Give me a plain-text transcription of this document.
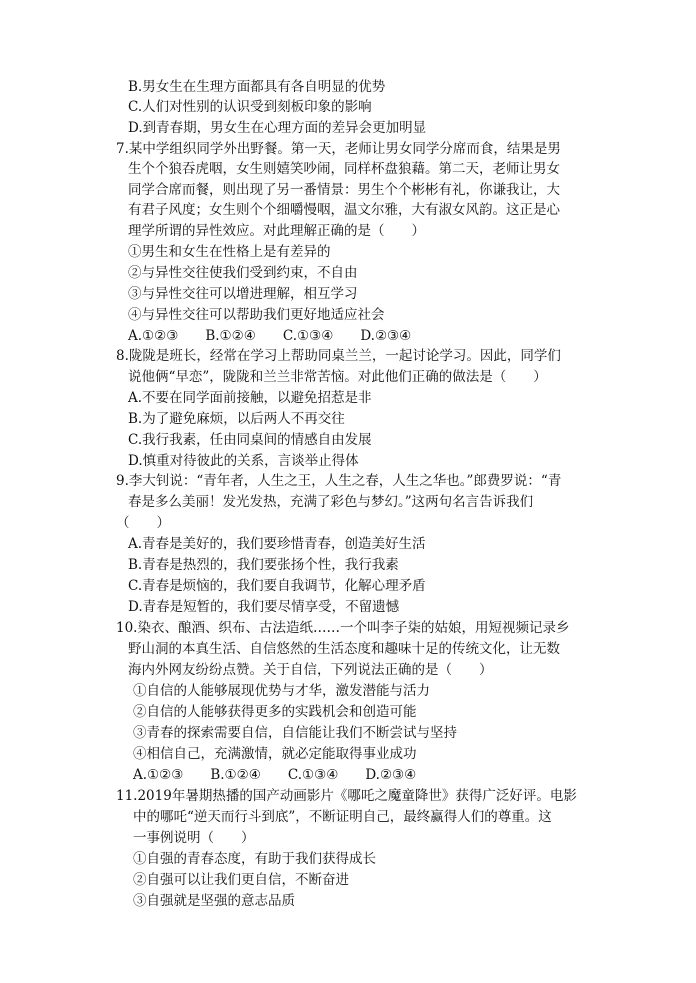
B.男女生在生理方面都具有各自明显的优势
C.人们对性别的认识受到刻板印象的影响
D.到青春期，男女生在心理方面的差异会更加明显
7.某中学组织同学外出野餐。第一天，老师让男女同学分席而食，结果是男
生个个狼吞虎咽，女生则嬉笑吵闹，同样杯盘狼藉。第二天，老师让男女
同学合席而餐，则出现了另一番情景：男生个个彬彬有礼，你谦我让，大
有君子风度；女生则个个细嚼慢咽，温文尔雅，大有淑女风韵。这正是心
理学所谓的异性效应。对此理解正确的是（　　）
①男生和女生在性格上是有差异的
②与异性交往使我们受到约束，不自由
③与异性交往可以增进理解，相互学习
④与异性交往可以帮助我们更好地适应社会
A.①②③　　B.①②④　　C.①③④　　D.②③④
8.陇陇是班长，经常在学习上帮助同桌兰兰，一起讨论学习。因此，同学们
说他俩“早恋”，陇陇和兰兰非常苦恼。对此他们正确的做法是（　　）
A.不要在同学面前接触，以避免招惹是非
B.为了避免麻烦，以后两人不再交往
C.我行我素，任由同桌间的情感自由发展
D.慎重对待彼此的关系，言谈举止得体
9.李大钊说：“青年者，人生之王，人生之春，人生之华也。”郎费罗说：“青
春是多么美丽！发光发热，充满了彩色与梦幻。”这两句名言告诉我们
（　　）
A.青春是美好的，我们要珍惜青春，创造美好生活
B.青春是热烈的，我们要张扬个性，我行我素
C.青春是烦恼的，我们要自我调节，化解心理矛盾
D.青春是短暂的，我们要尽情享受，不留遗憾
10.染衣、酿酒、织布、古法造纸……一个叫李子柒的姑娘，用短视频记录乡
野山洞的本真生活、自信悠然的生活态度和趣味十足的传统文化，让无数
海内外网友纷纷点赞。关于自信，下列说法正确的是（　　）
①自信的人能够展现优势与才华，激发潜能与活力
②自信的人能够获得更多的实践机会和创造可能
③青春的探索需要自信，自信能让我们不断尝试与坚持
④相信自己，充满激情，就必定能取得事业成功
A.①②③　　B.①②④　　C.①③④　　D.②③④
11.2019年暑期热播的国产动画影片《哪吒之魔童降世》获得广泛好评。电影
中的哪吒“逆天而行斗到底”，不断证明自己，最终赢得人们的尊重。这
一事例说明（　　）
①自强的青春态度，有助于我们获得成长
②自强可以让我们更自信，不断奋进
③自强就是坚强的意志品质
